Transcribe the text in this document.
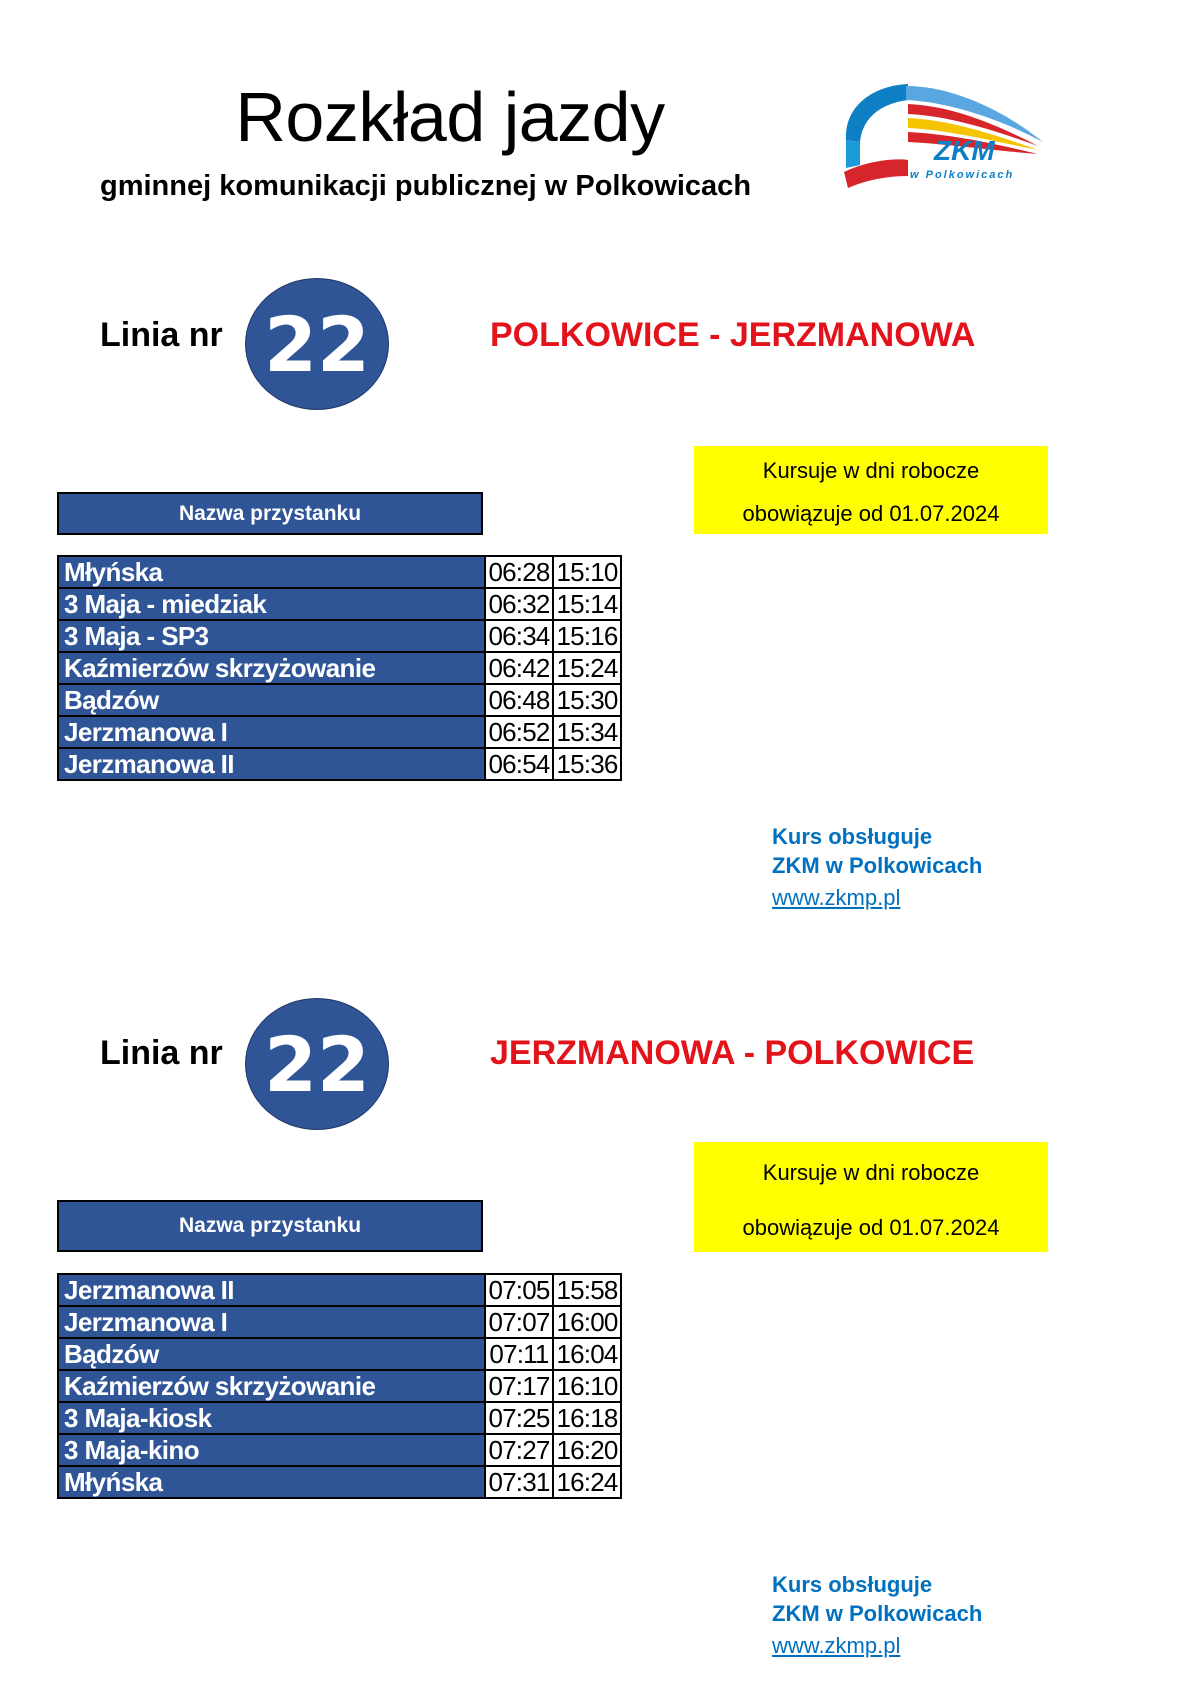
Rozkład jazdy
gminnej komunikacji publicznej w Polkowicach
ZKM
w Polkowicach
Linia nr 22	POLKOWICE - JERZMANOWA
Kursuje w dni robocze
obowiązuje od 01.07.2024
Nazwa przystanku
Młyńska	06:28	15:10
3 Maja - miedziak	06:32	15:14
3 Maja - SP3	06:34	15:16
Kaźmierzów skrzyżowanie	06:42	15:24
Bądzów	06:48	15:30
Jerzmanowa I	06:52	15:34
Jerzmanowa II	06:54	15:36
Kurs obsługuje
ZKM w Polkowicach
www.zkmp.pl
Linia nr 22	JERZMANOWA - POLKOWICE
Kursuje w dni robocze
obowiązuje od 01.07.2024
Nazwa przystanku
Jerzmanowa II	07:05	15:58
Jerzmanowa I	07:07	16:00
Bądzów	07:11	16:04
Kaźmierzów skrzyżowanie	07:17	16:10
3 Maja-kiosk	07:25	16:18
3 Maja-kino	07:27	16:20
Młyńska	07:31	16:24
Kurs obsługuje
ZKM w Polkowicach
www.zkmp.pl
